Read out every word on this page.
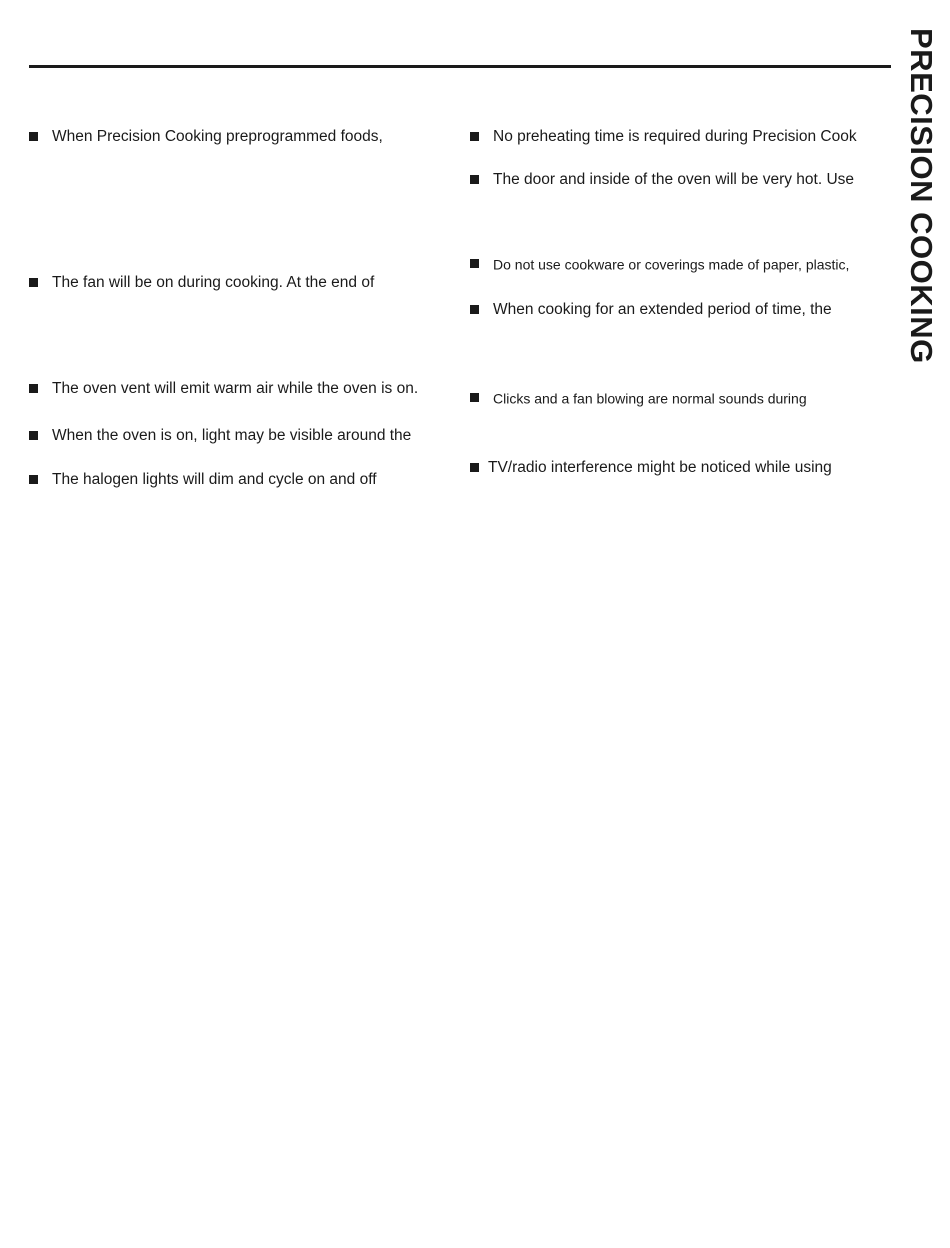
PRECISION COOKING
When Precision Cooking preprogrammed foods,
The fan will be on during cooking. At the end of
The oven vent will emit warm air while the oven is on.
When the oven is on, light may be visible around the
The halogen lights will dim and cycle on and off
No preheating time is required during Precision Cook
The door and inside of the oven will be very hot. Use
Do not use cookware or coverings made of paper, plastic,
When cooking for an extended period of time, the
Clicks and a fan blowing are normal sounds during
TV/radio interference might be noticed while using
